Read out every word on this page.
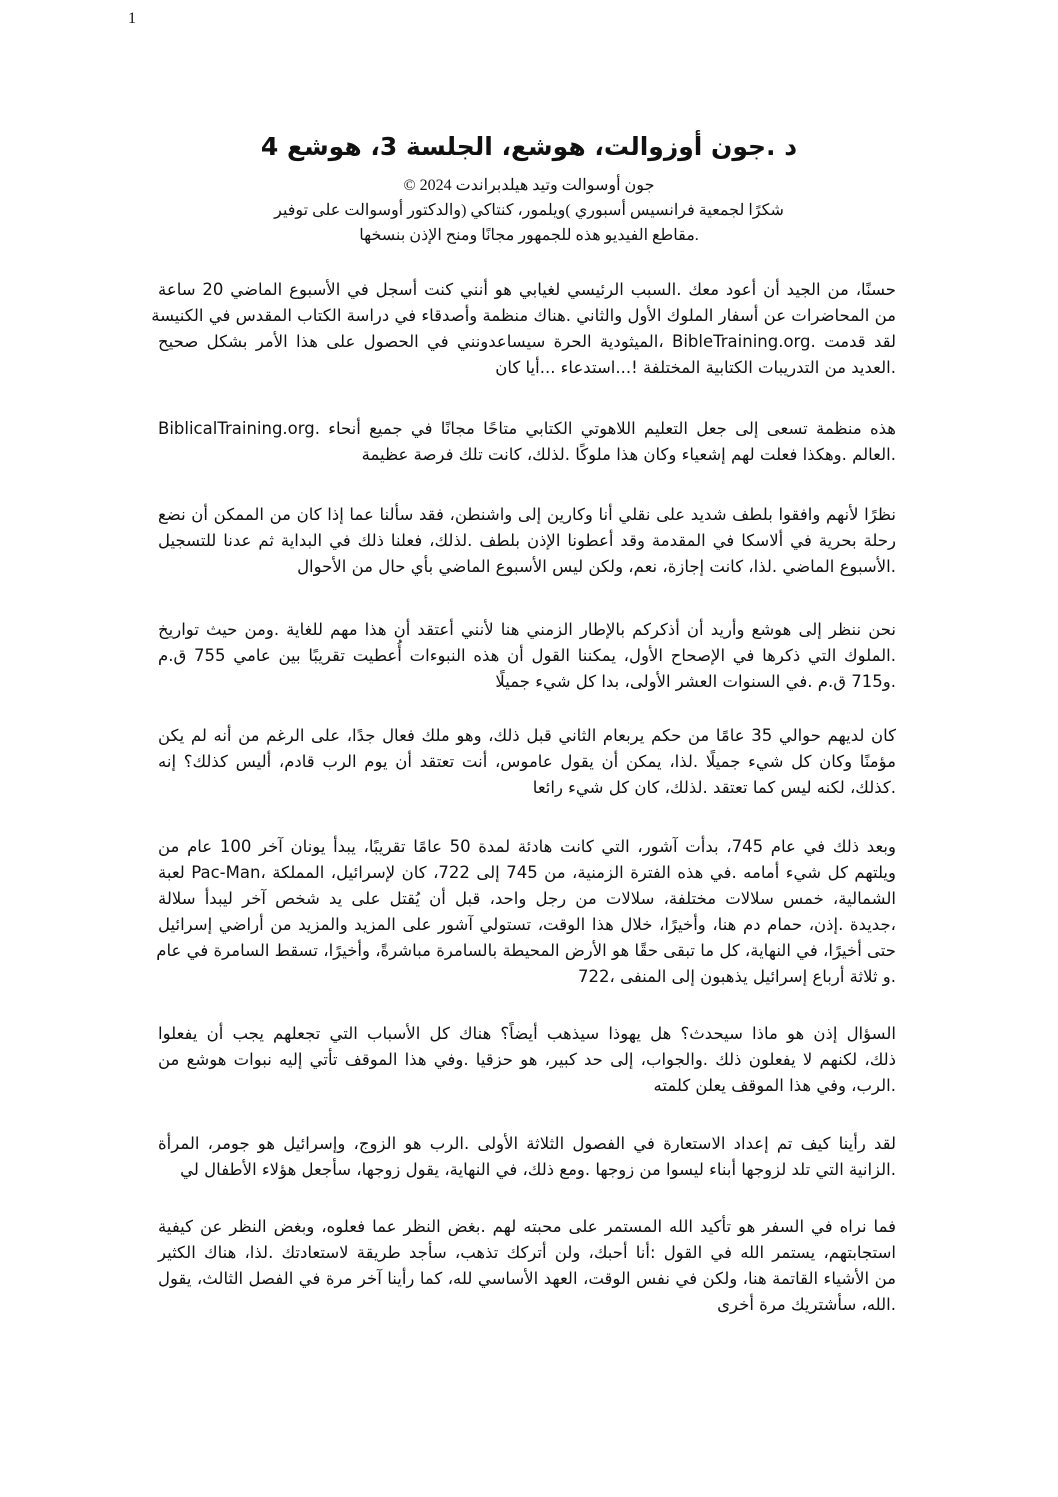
1
د .جون أوزوالت، هوشع، الجلسة 3، هوشع 4
جون أوسوالت وتيد هيلدبراندت 2024 ©
شكرًا لجمعية فرانسيس أسبوري )ويلمور، كنتاكي (والدكتور أوسوالت على توفير
.مقاطع الفيديو هذه للجمهور مجانًا ومنح الإذن بنسخها
حسنًا، من الجيد أن أعود معك .السبب الرئيسي لغيابي هو أنني كنت أسجل في الأسبوع الماضي 20 ساعة
من المحاضرات عن أسفار الملوك الأول والثاني .هناك منظمة وأصدقاء في دراسة الكتاب المقدس في الكنيسة
لقد قدمت .BibleTraining.org ،الميثودية الحرة سيساعدونني في الحصول على هذا الأمر بشكل صحيح
.العديد من التدريبات الكتابية المختلفة !...استدعاء ...أيا كان
هذه منظمة تسعى إلى جعل التعليم اللاهوتي الكتابي متاحًا مجانًا في جميع أنحاء .BiblicalTraining.org
.العالم .وهكذا فعلت لهم إشعياء وكان هذا ملوكًا .لذلك، كانت تلك فرصة عظيمة
نظرًا لأنهم وافقوا بلطف شديد على نقلي أنا وكارين إلى واشنطن، فقد سألنا عما إذا كان من الممكن أن نضع
رحلة بحرية في ألاسكا في المقدمة وقد أعطونا الإذن بلطف .لذلك، فعلنا ذلك في البداية ثم عدنا للتسجيل
.الأسبوع الماضي .لذا، كانت إجازة، نعم، ولكن ليس الأسبوع الماضي بأي حال من الأحوال
نحن ننظر إلى هوشع وأريد أن أذكركم بالإطار الزمني هنا لأنني أعتقد أن هذا مهم للغاية .ومن حيث تواريخ
.الملوك التي ذكرها في الإصحاح الأول، يمكننا القول أن هذه النبوءات أُعطيت تقريبًا بين عامي 755 ق.م
.و715 ق.م .في السنوات العشر الأولى، بدا كل شيء جميلًا
كان لديهم حوالي 35 عامًا من حكم يربعام الثاني قبل ذلك، وهو ملك فعال جدًا، على الرغم من أنه لم يكن
مؤمنًا وكان كل شيء جميلًا .لذا، يمكن أن يقول عاموس، أنت تعتقد أن يوم الرب قادم، أليس كذلك؟ إنه
.كذلك، لكنه ليس كما تعتقد .لذلك، كان كل شيء رائعا
وبعد ذلك في عام 745، بدأت آشور، التي كانت هادئة لمدة 50 عامًا تقريبًا، يبدأ يونان آخر 100 عام من
ويلتهم كل شيء أمامه .في هذه الفترة الزمنية، من 745 إلى 722، كان لإسرائيل، المملكة ،Pac-Man لعبة
الشمالية، خمس سلالات مختلفة، سلالات من رجل واحد، قبل أن يُقتل على يد شخص آخر ليبدأ سلالة
،جديدة .إذن، حمام دم هنا، وأخيرًا، خلال هذا الوقت، تستولي آشور على المزيد والمزيد من أراضي إسرائيل
حتى أخيرًا، في النهاية، كل ما تبقى حقًا هو الأرض المحيطة بالسامرة مباشرةً، وأخيرًا، تسقط السامرة في عام
.و ثلاثة أرباع إسرائيل يذهبون إلى المنفى ،722
السؤال إذن هو ماذا سيحدث؟ هل يهوذا سيذهب أيضاً؟ هناك كل الأسباب التي تجعلهم يجب أن يفعلوا
ذلك، لكنهم لا يفعلون ذلك .والجواب، إلى حد كبير، هو حزقيا .وفي هذا الموقف تأتي إليه نبوات هوشع من
.الرب، وفي هذا الموقف يعلن كلمته
لقد رأينا كيف تم إعداد الاستعارة في الفصول الثلاثة الأولى .الرب هو الزوج، وإسرائيل هو جومر، المرأة
.الزانية التي تلد لزوجها أبناء ليسوا من زوجها .ومع ذلك، في النهاية، يقول زوجها، سأجعل هؤلاء الأطفال لي
فما نراه في السفر هو تأكيد الله المستمر على محبته لهم .بغض النظر عما فعلوه، وبغض النظر عن كيفية
استجابتهم، يستمر الله في القول :أنا أحبك، ولن أتركك تذهب، سأجد طريقة لاستعادتك .لذا، هناك الكثير
من الأشياء القاتمة هنا، ولكن في نفس الوقت، العهد الأساسي لله، كما رأينا آخر مرة في الفصل الثالث، يقول
.الله، سأشتريك مرة أخرى
